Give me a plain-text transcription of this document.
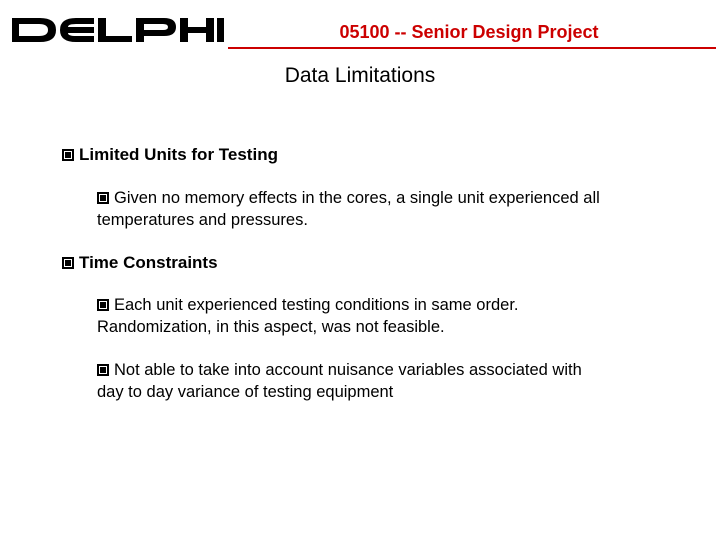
05100 -- Senior Design Project
Data Limitations
Limited Units for Testing
Given no memory effects in the cores, a single unit experienced all
temperatures and pressures.
Time Constraints
Each unit experienced testing conditions in same order.
Randomization, in this aspect, was not feasible.
Not able to take into account nuisance variables associated with
day to day variance of testing equipment
